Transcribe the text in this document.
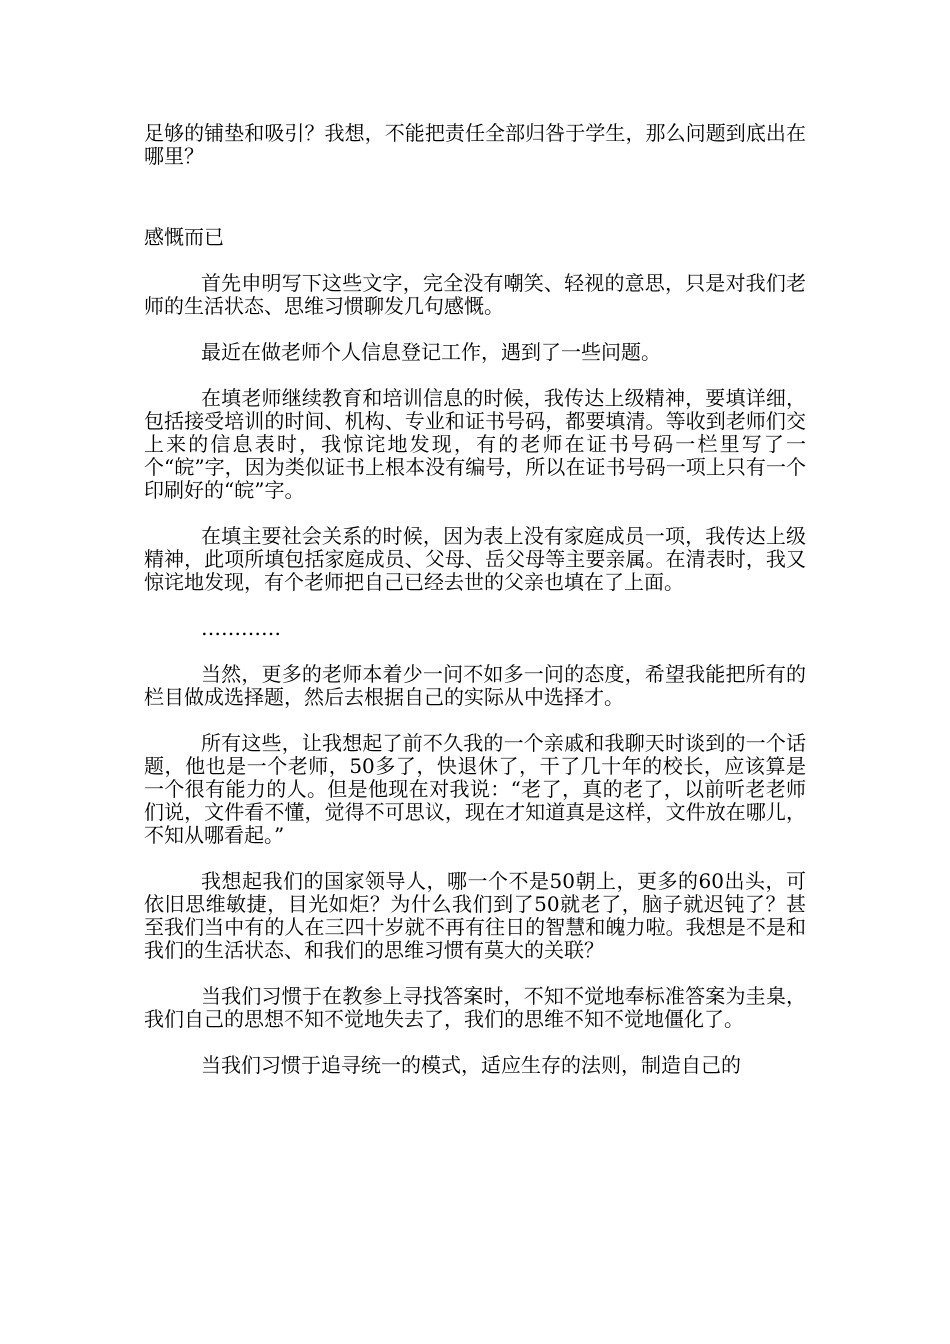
足够的铺垫和吸引？我想，不能把责任全部归咎于学生，那么问题到底出在哪里？

感慨而已

首先申明写下这些文字，完全没有嘲笑、轻视的意思，只是对我们老师的生活状态、思维习惯聊发几句感慨。

最近在做老师个人信息登记工作，遇到了一些问题。

在填老师继续教育和培训信息的时候，我传达上级精神，要填详细，包括接受培训的时间、机构、专业和证书号码，都要填清。等收到老师们交上来的信息表时，我惊诧地发现，有的老师在证书号码一栏里写了一个“皖”字，因为类似证书上根本没有编号，所以在证书号码一项上只有一个印刷好的“皖”字。

在填主要社会关系的时候，因为表上没有家庭成员一项，我传达上级精神，此项所填包括家庭成员、父母、岳父母等主要亲属。在清表时，我又惊诧地发现，有个老师把自己已经去世的父亲也填在了上面。

…………

当然，更多的老师本着少一问不如多一问的态度，希望我能把所有的栏目做成选择题，然后去根据自己的实际从中选择才。

所有这些，让我想起了前不久我的一个亲戚和我聊天时谈到的一个话题，他也是一个老师，50多了，快退休了，干了几十年的校长，应该算是一个很有能力的人。但是他现在对我说：“老了，真的老了，以前听老老师们说，文件看不懂，觉得不可思议，现在才知道真是这样，文件放在哪儿，不知从哪看起。”

我想起我们的国家领导人，哪一个不是50朝上，更多的60出头，可依旧思维敏捷，目光如炬？为什么我们到了50就老了，脑子就迟钝了？甚至我们当中有的人在三四十岁就不再有往日的智慧和魄力啦。我想是不是和我们的生活状态、和我们的思维习惯有莫大的关联？

当我们习惯于在教参上寻找答案时，不知不觉地奉标准答案为圭臬，我们自己的思想不知不觉地失去了，我们的思维不知不觉地僵化了。

当我们习惯于追寻统一的模式，适应生存的法则，制造自己的
